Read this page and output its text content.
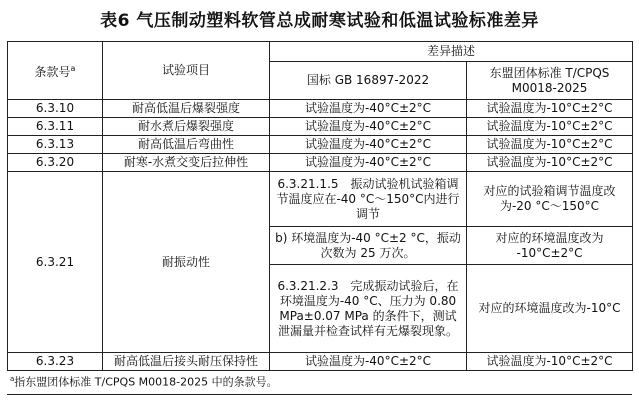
表6 气压制动塑料软管总成耐寒试验和低温试验标准差异
条款号$^a$	试验项目	差异描述	
		国标 GB 16897-2022	东盟团体标准 T/CPQS M0018-2025
6.3.10	耐高低温后爆裂强度	试验温度为-40°C±2°C	试验温度为-10°C±2°C
6.3.11	耐水煮后爆裂强度	试验温度为-40°C±2°C	试验温度为-10°C±2°C
6.3.13	耐高低温后弯曲性	试验温度为-40°C±2°C	试验温度为-10°C±2°C
6.3.20	耐寒-水煮交变后拉伸性	试验温度为-40°C±2°C	试验温度为-10°C±2°C
6.3.21	耐振动性	6.3.21.1.5　振动试验机试验箱调节温度应在-40 °C～150°C内进行调节	对应的试验箱调节温度改为-20 °C～150°C
		b) 环境温度为-40 °C±2 °C，振动次数为 25 万次。	对应的环境温度改为 -10°C±2°C
		6.3.21.2.3　完成振动试验后，在环境温度为-40 °C、压力为 0.80 MPa±0.07 MPa 的条件下，测试泄漏量并检查试样有无爆裂现象。	对应的环境温度改为-10°C
6.3.23	耐高低温后接头耐压保持性	试验温度为-40°C±2°C	试验温度为-10°C±2°C
$^a$指东盟团体标准 T/CPQS M0018-2025 中的条款号。
